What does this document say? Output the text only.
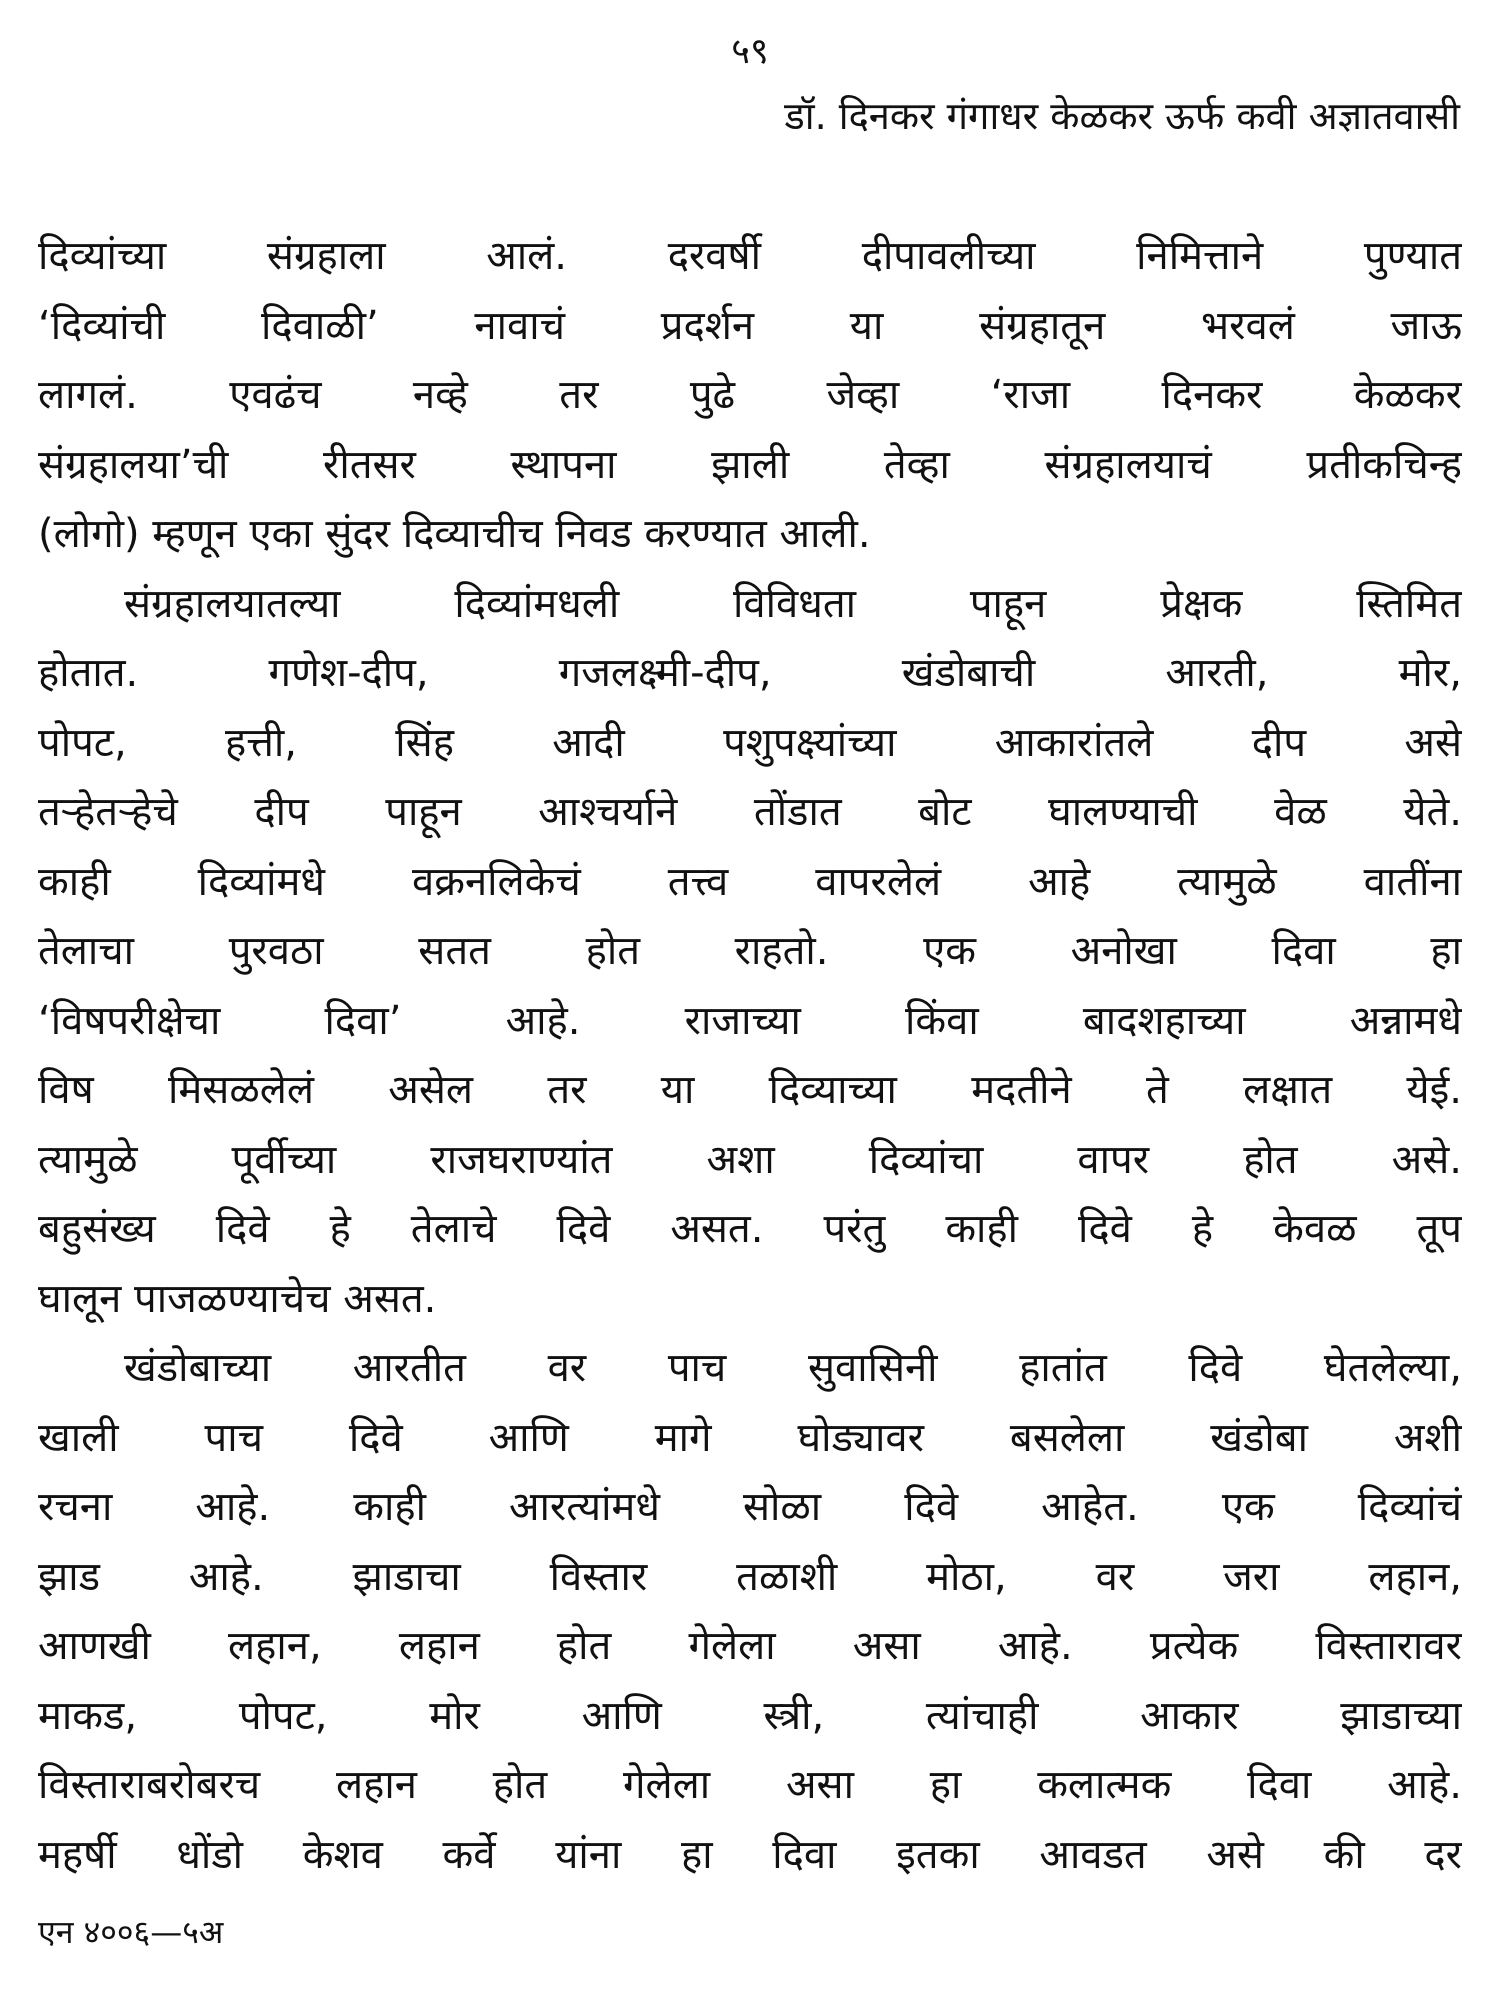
५९

डॉ. दिनकर गंगाधर केळकर ऊर्फ कवी अज्ञातवासी

दिव्यांच्या संग्रहाला आलं. दरवर्षी दीपावलीच्या निमित्ताने पुण्यात
‘दिव्यांची दिवाळी’ नावाचं प्रदर्शन या संग्रहातून भरवलं जाऊ
लागलं. एवढंच नव्हे तर पुढे जेव्हा ‘राजा दिनकर केळकर
संग्रहालया’ची रीतसर स्थापना झाली तेव्हा संग्रहालयाचं प्रतीकचिन्ह
(लोगो) म्हणून एका सुंदर दिव्याचीच निवड करण्यात आली.
संग्रहालयातल्या दिव्यांमधली विविधता पाहून प्रेक्षक स्तिमित
होतात. गणेश-दीप, गजलक्ष्मी-दीप, खंडोबाची आरती, मोर,
पोपट, हत्ती, सिंह आदी पशुपक्ष्यांच्या आकारांतले दीप असे
तऱ्हेतऱ्हेचे दीप पाहून आश्चर्याने तोंडात बोट घालण्याची वेळ येते.
काही दिव्यांमधे वक्रनलिकेचं तत्त्व वापरलेलं आहे त्यामुळे वातींना
तेलाचा पुरवठा सतत होत राहतो. एक अनोखा दिवा हा
‘विषपरीक्षेचा दिवा’ आहे. राजाच्या किंवा बादशहाच्या अन्नामधे
विष मिसळलेलं असेल तर या दिव्याच्या मदतीने ते लक्षात येई.
त्यामुळे पूर्वीच्या राजघराण्यांत अशा दिव्यांचा वापर होत असे.
बहुसंख्य दिवे हे तेलाचे दिवे असत. परंतु काही दिवे हे केवळ तूप
घालून पाजळण्याचेच असत.
खंडोबाच्या आरतीत वर पाच सुवासिनी हातांत दिवे घेतलेल्या,
खाली पाच दिवे आणि मागे घोड्यावर बसलेला खंडोबा अशी
रचना आहे. काही आरत्यांमधे सोळा दिवे आहेत. एक दिव्यांचं
झाड आहे. झाडाचा विस्तार तळाशी मोठा, वर जरा लहान,
आणखी लहान, लहान होत गेलेला असा आहे. प्रत्येक विस्तारावर
माकड, पोपट, मोर आणि स्त्री, त्यांचाही आकार झाडाच्या
विस्ताराबरोबरच लहान होत गेलेला असा हा कलात्मक दिवा आहे.
महर्षी धोंडो केशव कर्वे यांना हा दिवा इतका आवडत असे की दर

एन ४००६—५अ
